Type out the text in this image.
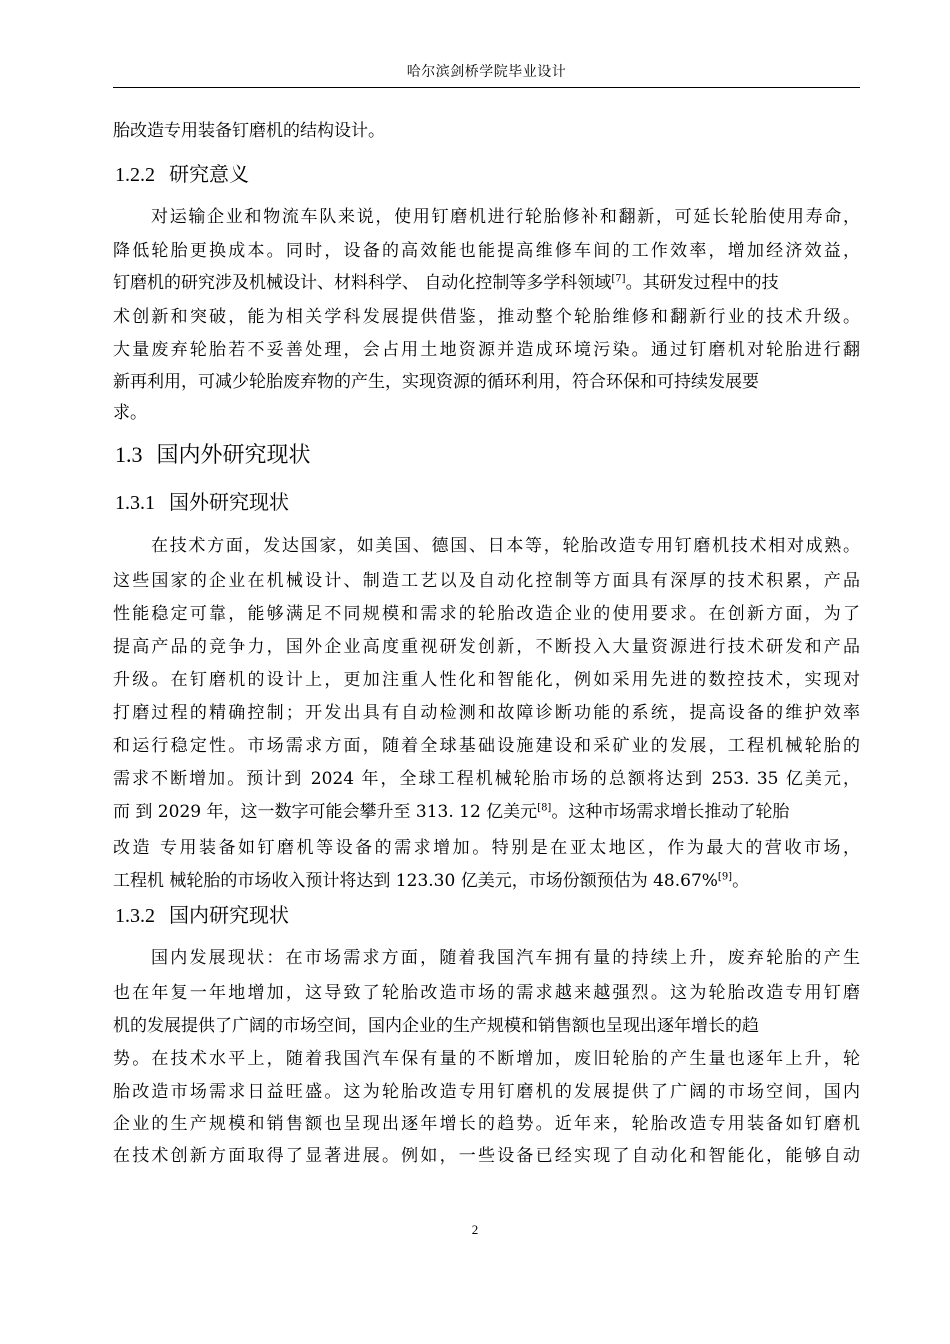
哈尔滨剑桥学院毕业设计
胎改造专用装备钉磨机的结构设计。
1.2.2 研究意义
对运输企业和物流车队来说，使用钉磨机进行轮胎修补和翻新，可延长轮胎使用寿命，
降低轮胎更换成本。同时，设备的高效能也能提高维修车间的工作效率，增加经济效益，
钉磨机的研究涉及机械设计、材料科学、 自动化控制等多学科领域[7]。其研发过程中的技
术创新和突破，能为相关学科发展提供借鉴，推动整个轮胎维修和翻新行业的技术升级。
大量废弃轮胎若不妥善处理，会占用土地资源并造成环境污染。通过钉磨机对轮胎进行翻
新再利用，可减少轮胎废弃物的产生，实现资源的循环利用，符合环保和可持续发展要
求。
1.3 国内外研究现状
1.3.1 国外研究现状
在技术方面，发达国家，如美国、德国、日本等，轮胎改造专用钉磨机技术相对成熟。
这些国家的企业在机械设计、制造工艺以及自动化控制等方面具有深厚的技术积累，产品
性能稳定可靠，能够满足不同规模和需求的轮胎改造企业的使用要求。在创新方面，为了
提高产品的竞争力，国外企业高度重视研发创新，不断投入大量资源进行技术研发和产品
升级。在钉磨机的设计上，更加注重人性化和智能化，例如采用先进的数控技术，实现对
打磨过程的精确控制；开发出具有自动检测和故障诊断功能的系统，提高设备的维护效率
和运行稳定性。市场需求方面，随着全球基础设施建设和采矿业的发展，工程机械轮胎的
需求不断增加。预计到 2024 年，全球工程机械轮胎市场的总额将达到 253. 35 亿美元，
而 到 2029 年，这一数字可能会攀升至 313. 12 亿美元[8]。这种市场需求增长推动了轮胎
改造 专用装备如钉磨机等设备的需求增加。特别是在亚太地区，作为最大的营收市场，
工程机 械轮胎的市场收入预计将达到 123.30 亿美元，市场份额预估为 48.67%[9]。
1.3.2 国内研究现状
国内发展现状：在市场需求方面，随着我国汽车拥有量的持续上升，废弃轮胎的产生
也在年复一年地增加，这导致了轮胎改造市场的需求越来越强烈。这为轮胎改造专用钉磨
机的发展提供了广阔的市场空间，国内企业的生产规模和销售额也呈现出逐年增长的趋
势。在技术水平上，随着我国汽车保有量的不断增加，废旧轮胎的产生量也逐年上升，轮
胎改造市场需求日益旺盛。这为轮胎改造专用钉磨机的发展提供了广阔的市场空间，国内
企业的生产规模和销售额也呈现出逐年增长的趋势。近年来，轮胎改造专用装备如钉磨机
在技术创新方面取得了显著进展。例如，一些设备已经实现了自动化和智能化，能够自动
2
